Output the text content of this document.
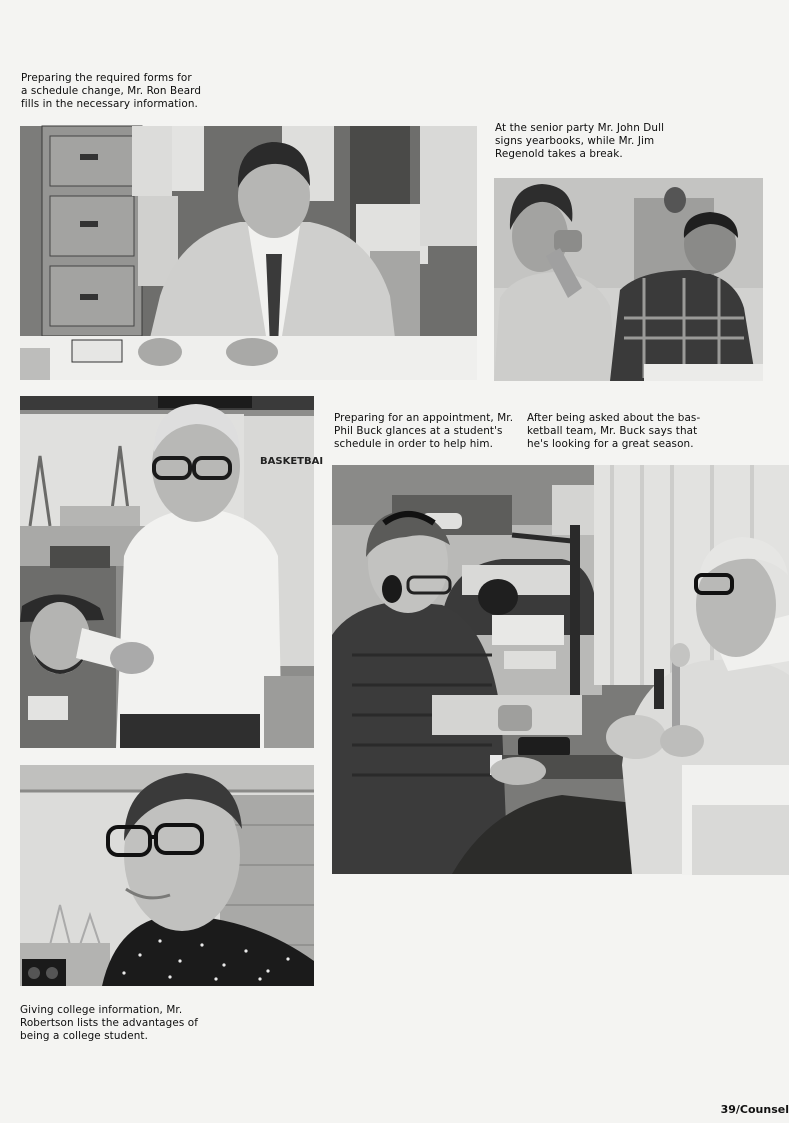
Preparing the required forms for
a schedule change, Mr. Ron Beard
fills in the necessary information.

At the senior party Mr. John Dull
signs yearbooks, while Mr. Jim
Regenold takes a break.

BASKETBAI

Preparing for an appointment, Mr.
Phil Buck glances at a student's
schedule in order to help him.

After being asked about the bas-
ketball team, Mr. Buck says that
he's looking for a great season.

Giving college information, Mr.
Robertson lists the advantages of
being a college student.

39/Counsel
